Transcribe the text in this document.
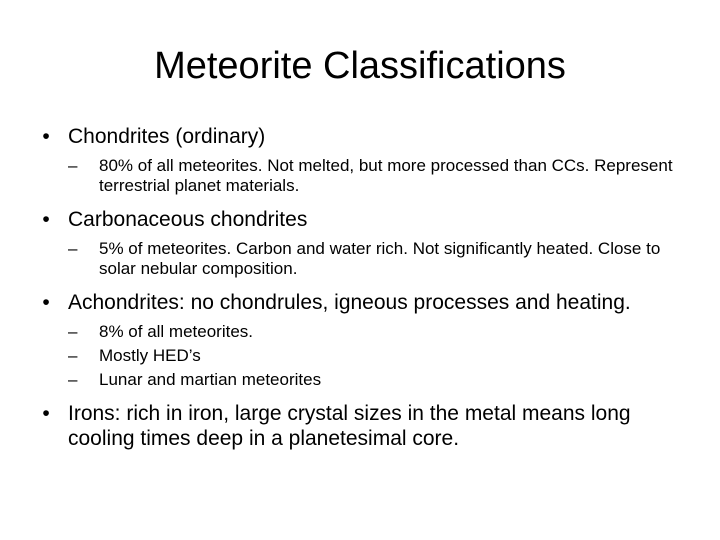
Meteorite Classifications
• Chondrites (ordinary)
– 80% of all meteorites. Not melted, but more processed than CCs. Represent terrestrial planet materials.
• Carbonaceous chondrites
– 5% of meteorites. Carbon and water rich. Not significantly heated. Close to solar nebular composition.
• Achondrites: no chondrules, igneous processes and heating.
– 8% of all meteorites.
– Mostly HED’s
– Lunar and martian meteorites
• Irons: rich in iron, large crystal sizes in the metal means long cooling times deep in a planetesimal core.
